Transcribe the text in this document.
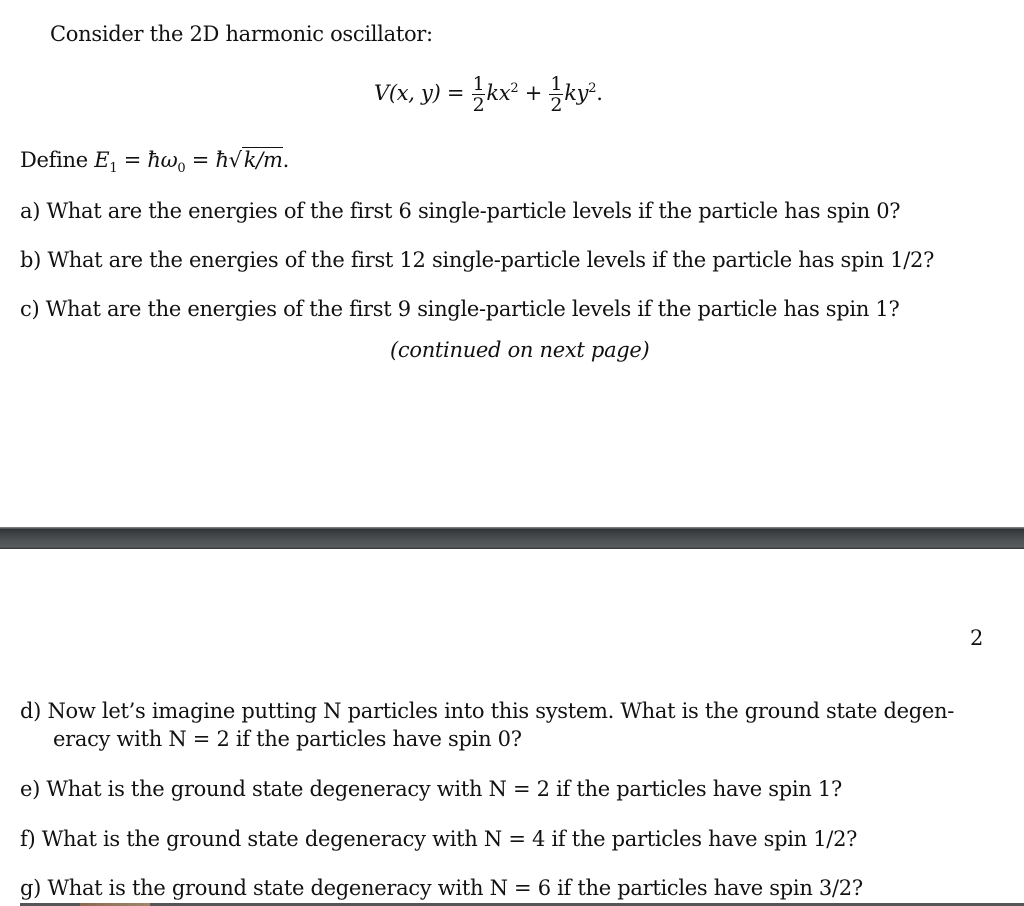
Consider the 2D harmonic oscillator:
V(x, $y) = \frac{1}{2} kx^2 + \frac{1}{2} ky^2$.
Define $E_1$ = $ħ\omega_0$ = ħ√k/m.
a) What are the energies of the first 6 single-particle levels if the particle has spin 0?
b) What are the energies of the first 12 single-particle levels if the particle has spin 1/2?
c) What are the energies of the first 9 single-particle levels if the particle has spin 1?
(continued on next page)
2
d) Now let’s imagine putting N particles into this system. What is the ground state degen-
eracy with N = 2 if the particles have spin 0?
e) What is the ground state degeneracy with N = 2 if the particles have spin 1?
f) What is the ground state degeneracy with N = 4 if the particles have spin 1/2?
g) What is the ground state degeneracy with N = 6 if the particles have spin 3/2?
